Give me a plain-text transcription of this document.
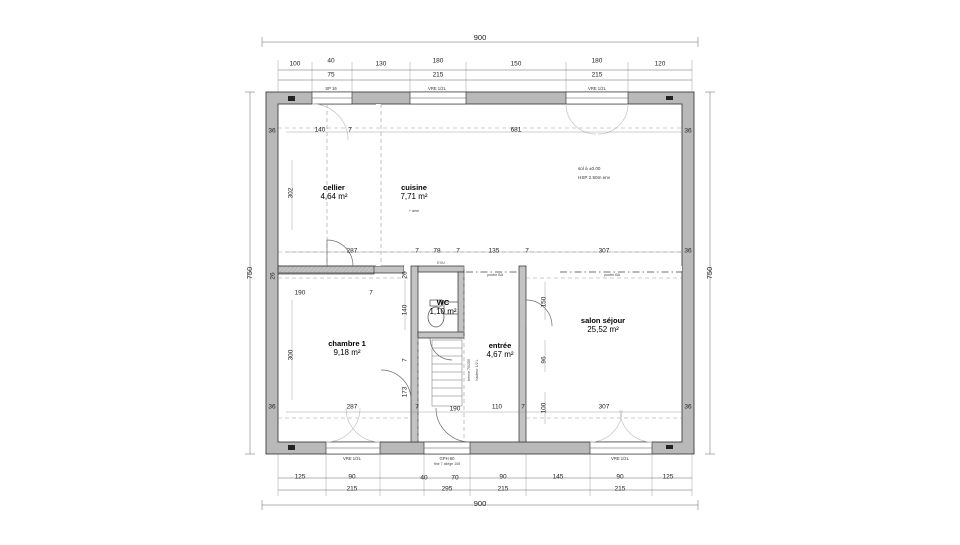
900
100	40	130	180	150	180	120
75	215	215
SP 16	VRE 1/2L	VRE 1/2L
VRE 1/2L	GPH 60
fine 7 allège 105
VRE 1/2L
36	36
36
36	36
750	750
140	7	681
302
300
287	7 78 7	135	7	307
26
190	7
26
140
7
173
150
96
100
287	7	190	110	7	307
125	90	40	70	90	145	90	125
215	295	215	215
900
cellier
4,64 m²
cuisine
7,71 m²
+ aère
salon séjour
25,52 m²
chambre 1
9,18 m²
WC
1,10 m²
entrée
4,67 m²
sol à ±0.00
HSP 2.50m env
poutre BA	poutre BA
EVU
trémie 70/250 hauteur 1/2 L
